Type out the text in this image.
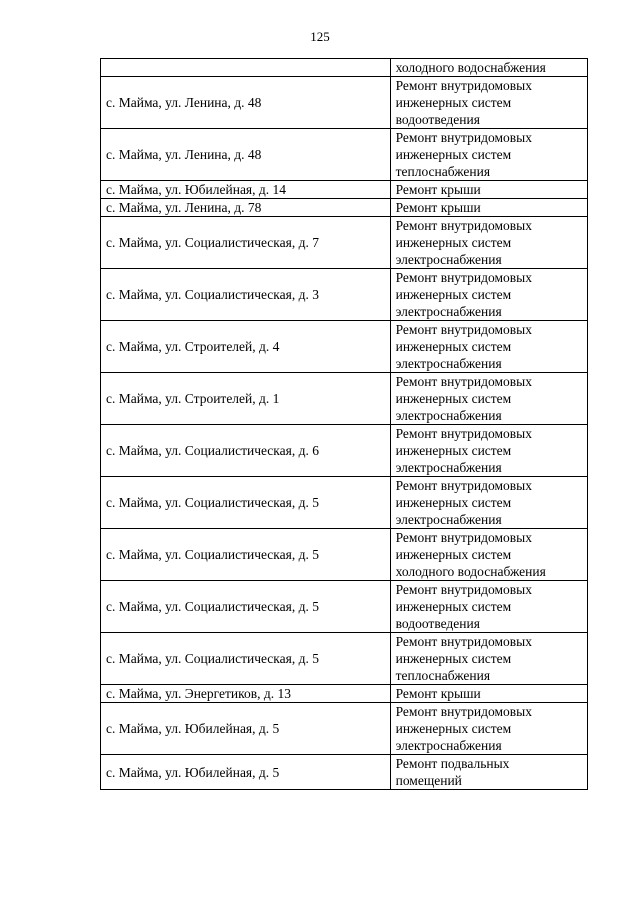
125

	холодного водоснабжения

с. Майма, ул. Ленина, д. 48	Ремонт внутридомовых
инженерных систем
водоотведения

с. Майма, ул. Ленина, д. 48	Ремонт внутридомовых
инженерных систем
теплоснабжения

с. Майма, ул. Юбилейная, д. 14	Ремонт крыши

с. Майма, ул. Ленина, д. 78	Ремонт крыши

с. Майма, ул. Социалистическая, д. 7	Ремонт внутридомовых
инженерных систем
электроснабжения

с. Майма, ул. Социалистическая, д. 3	Ремонт внутридомовых
инженерных систем
электроснабжения

с. Майма, ул. Строителей, д. 4	Ремонт внутридомовых
инженерных систем
электроснабжения

с. Майма, ул. Строителей, д. 1	Ремонт внутридомовых
инженерных систем
электроснабжения

с. Майма, ул. Социалистическая, д. 6	Ремонт внутридомовых
инженерных систем
электроснабжения

с. Майма, ул. Социалистическая, д. 5	Ремонт внутридомовых
инженерных систем
электроснабжения

с. Майма, ул. Социалистическая, д. 5	Ремонт внутридомовых
инженерных систем
холодного водоснабжения

с. Майма, ул. Социалистическая, д. 5	Ремонт внутридомовых
инженерных систем
водоотведения

с. Майма, ул. Социалистическая, д. 5	Ремонт внутридомовых
инженерных систем
теплоснабжения

с. Майма, ул. Энергетиков, д. 13	Ремонт крыши

с. Майма, ул. Юбилейная, д. 5	Ремонт внутридомовых
инженерных систем
электроснабжения

с. Майма, ул. Юбилейная, д. 5	Ремонт подвальных
помещений
